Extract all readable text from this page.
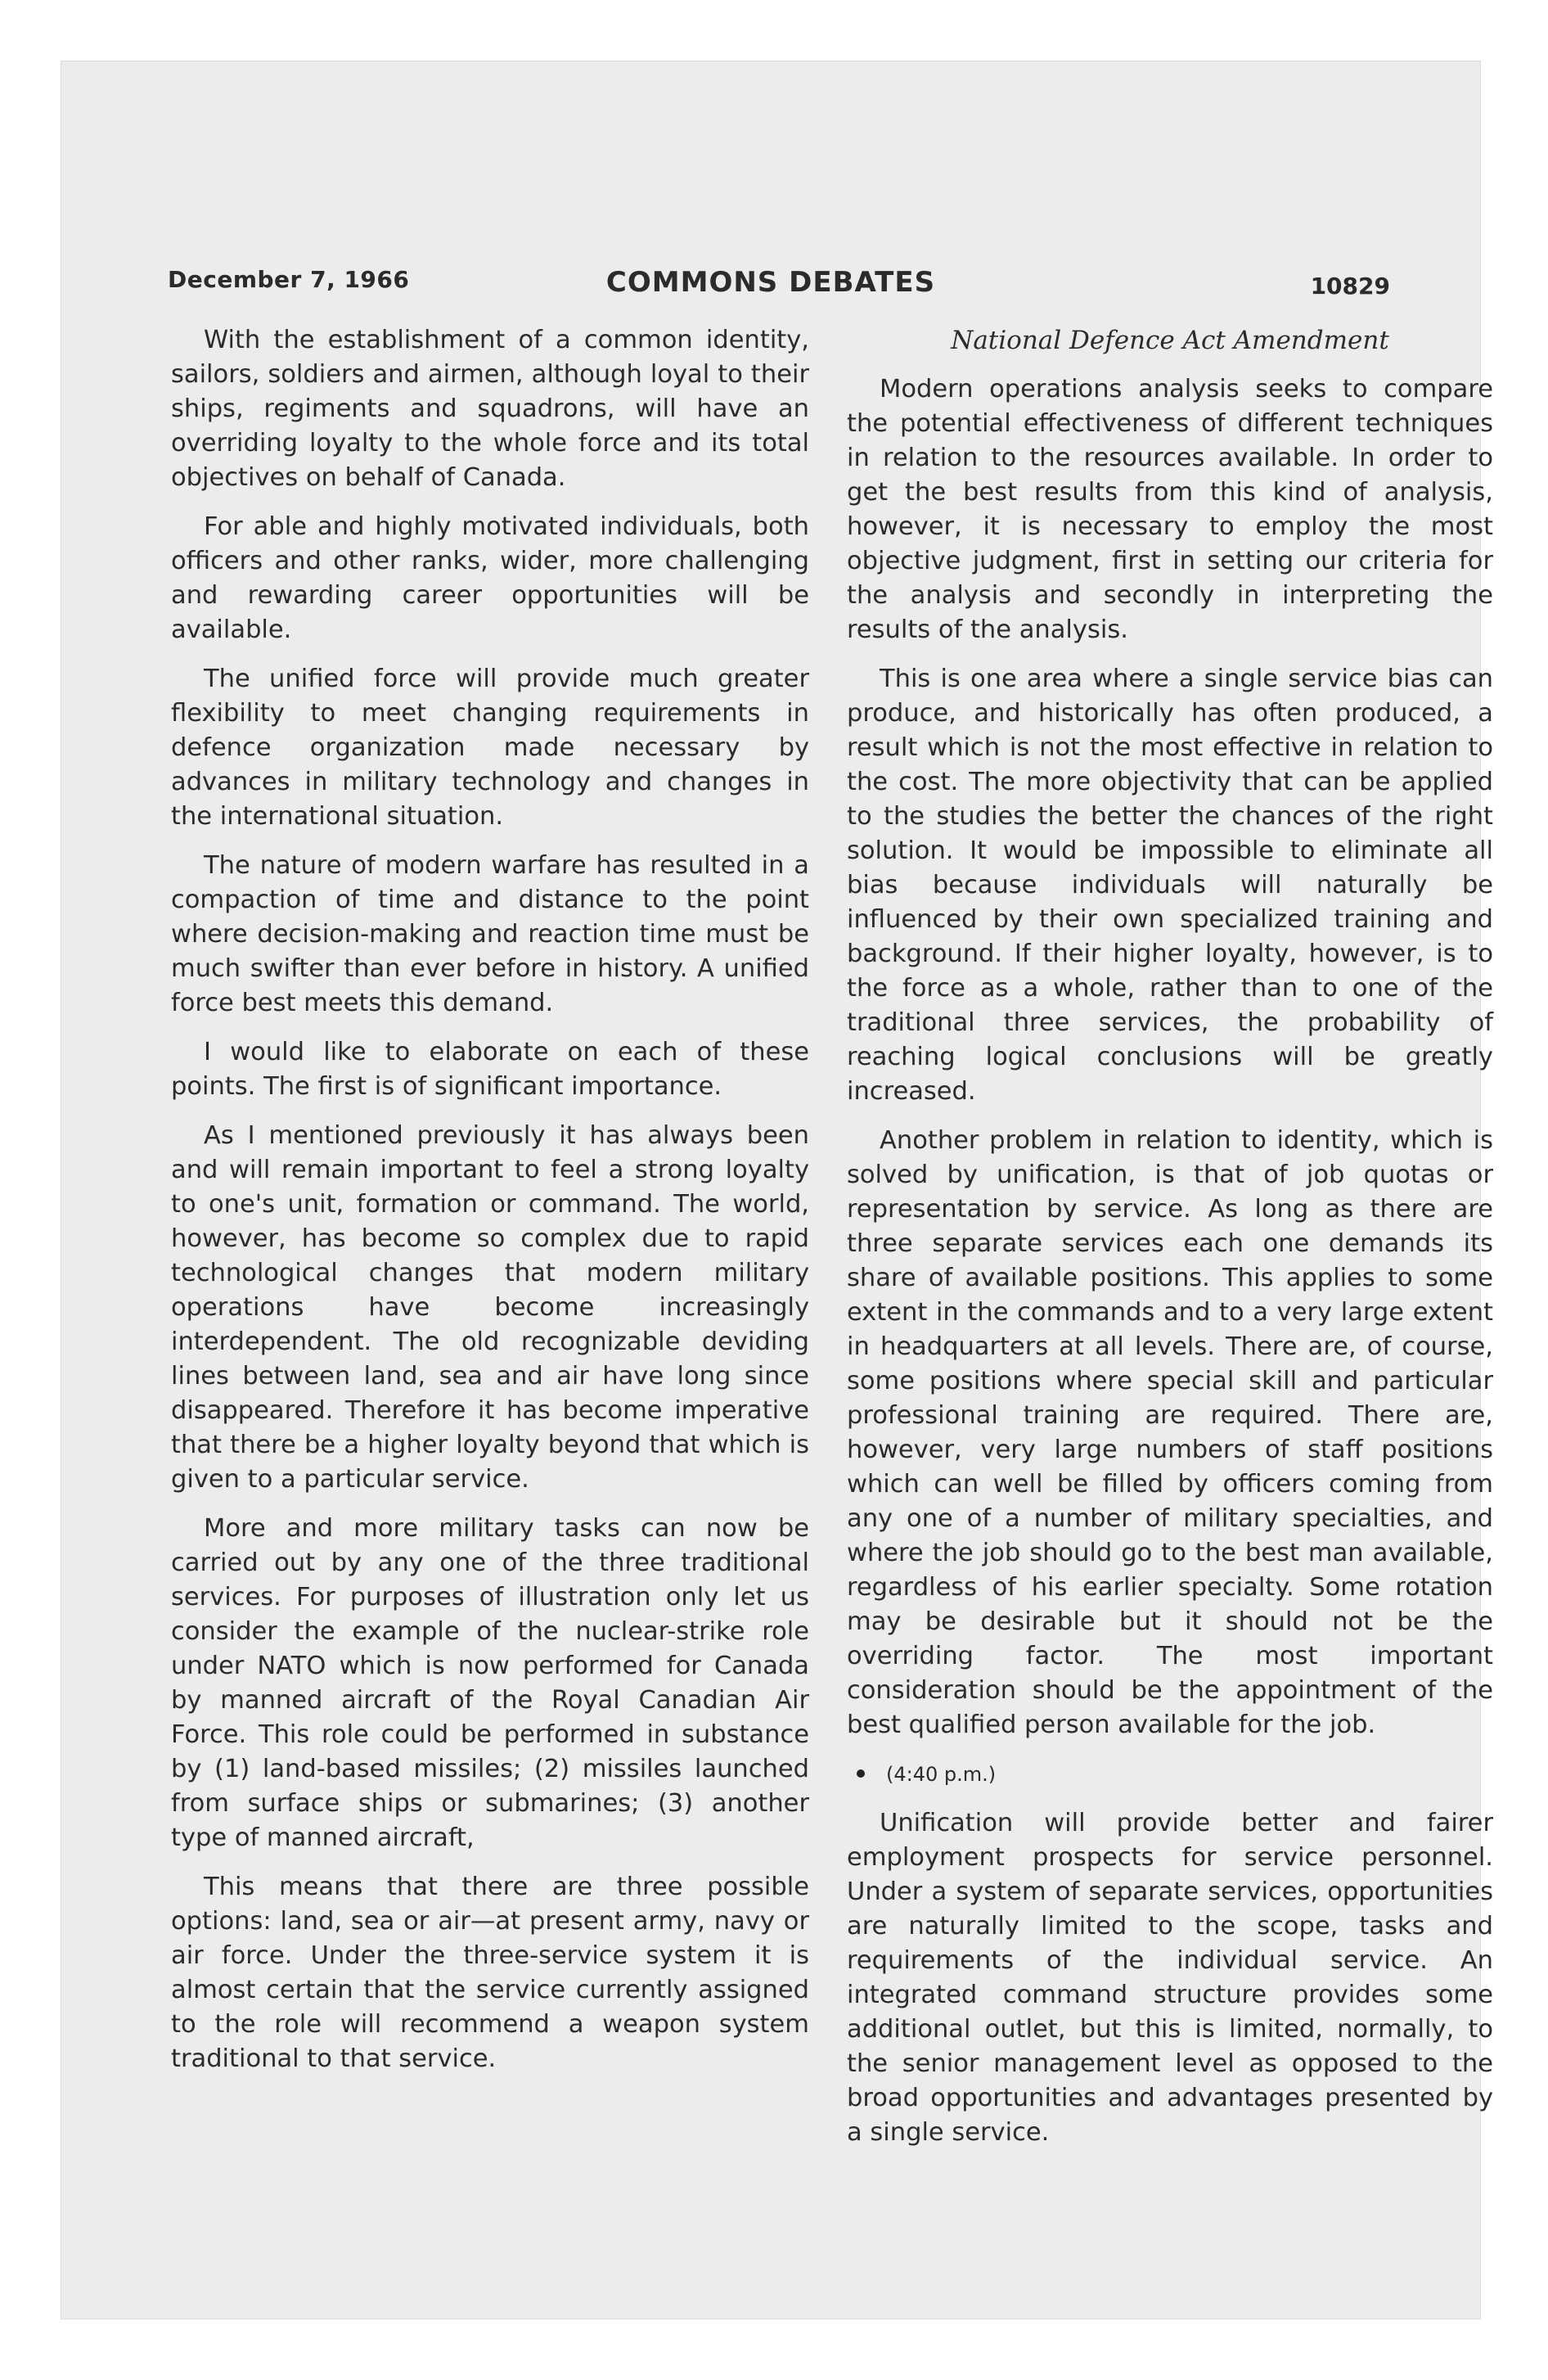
December 7, 1966	COMMONS DEBATES	10829

With the establishment of a common identity, sailors, soldiers and airmen, although loyal to their ships, regiments and squadrons, will have an overriding loyalty to the whole force and its total objectives on behalf of Canada.

For able and highly motivated individuals, both officers and other ranks, wider, more challenging and rewarding career opportunities will be available.

The unified force will provide much greater flexibility to meet changing requirements in defence organization made necessary by advances in military technology and changes in the international situation.

The nature of modern warfare has resulted in a compaction of time and distance to the point where decision-making and reaction time must be much swifter than ever before in history. A unified force best meets this demand.

I would like to elaborate on each of these points. The first is of significant importance.

As I mentioned previously it has always been and will remain important to feel a strong loyalty to one's unit, formation or command. The world, however, has become so complex due to rapid technological changes that modern military operations have become increasingly interdependent. The old recognizable deviding lines between land, sea and air have long since disappeared. Therefore it has become imperative that there be a higher loyalty beyond that which is given to a particular service.

More and more military tasks can now be carried out by any one of the three traditional services. For purposes of illustration only let us consider the example of the nuclear-strike role under NATO which is now performed for Canada by manned aircraft of the Royal Canadian Air Force. This role could be performed in substance by (1) land-based missiles; (2) missiles launched from surface ships or submarines; (3) another type of manned aircraft,

This means that there are three possible options: land, sea or air—at present army, navy or air force. Under the three-service system it is almost certain that the service currently assigned to the role will recommend a weapon system traditional to that service.

National Defence Act Amendment

Modern operations analysis seeks to compare the potential effectiveness of different techniques in relation to the resources available. In order to get the best results from this kind of analysis, however, it is necessary to employ the most objective judgment, first in setting our criteria for the analysis and secondly in interpreting the results of the analysis.

This is one area where a single service bias can produce, and historically has often produced, a result which is not the most effective in relation to the cost. The more objectivity that can be applied to the studies the better the chances of the right solution. It would be impossible to eliminate all bias because individuals will naturally be influenced by their own specialized training and background. If their higher loyalty, however, is to the force as a whole, rather than to one of the traditional three services, the probability of reaching logical conclusions will be greatly increased.

Another problem in relation to identity, which is solved by unification, is that of job quotas or representation by service. As long as there are three separate services each one demands its share of available positions. This applies to some extent in the commands and to a very large extent in headquarters at all levels. There are, of course, some positions where special skill and particular professional training are required. There are, however, very large numbers of staff positions which can well be filled by officers coming from any one of a number of military specialties, and where the job should go to the best man available, regardless of his earlier specialty. Some rotation may be desirable but it should not be the overriding factor. The most important consideration should be the appointment of the best qualified person available for the job.

(4:40 p.m.)

Unification will provide better and fairer employment prospects for service personnel. Under a system of separate services, opportunities are naturally limited to the scope, tasks and requirements of the individual service. An integrated command structure provides some additional outlet, but this is limited, normally, to the senior management level as opposed to the broad opportunities and advantages presented by a single service.
